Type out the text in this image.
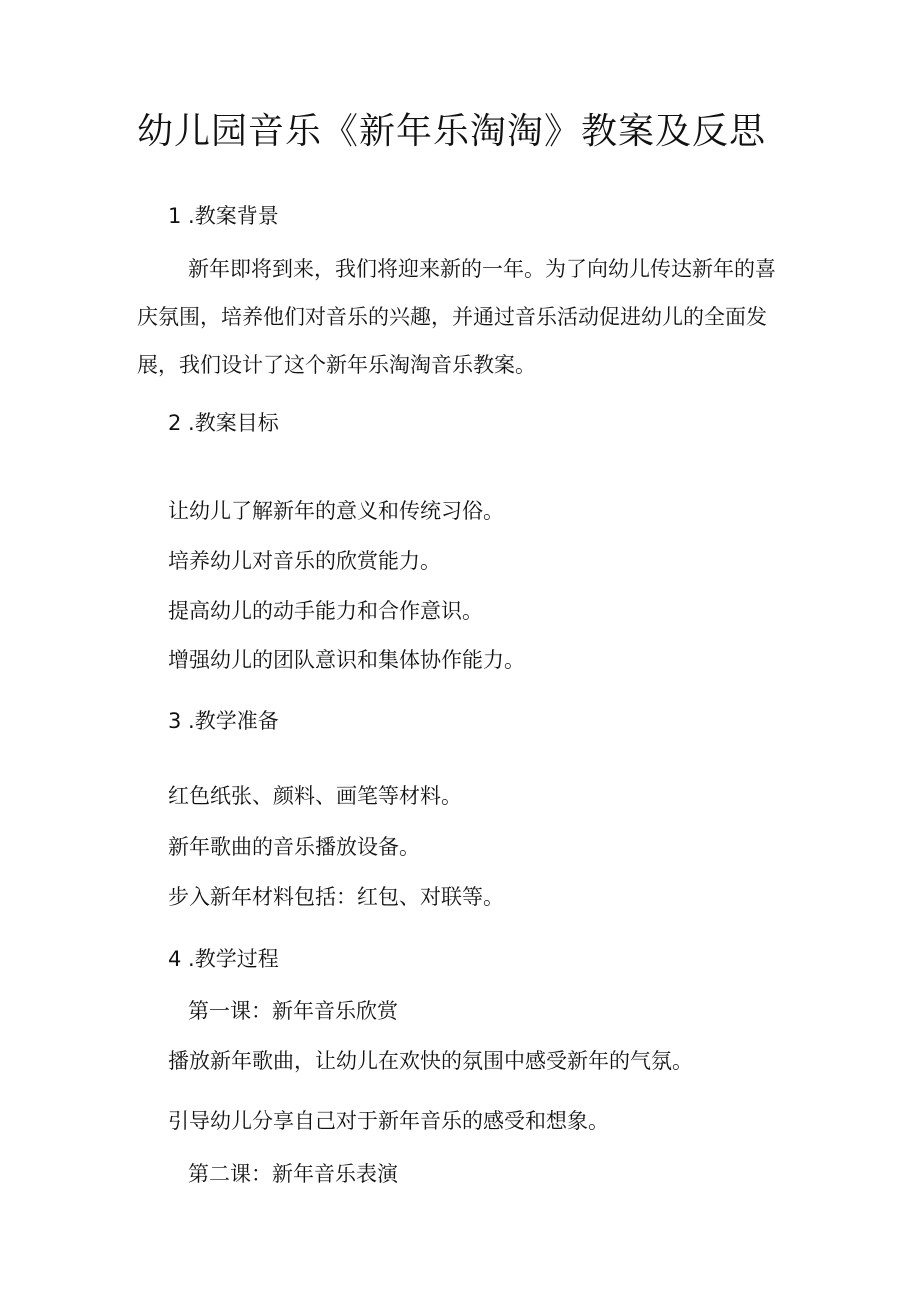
幼儿园音乐《新年乐淘淘》教案及反思
1 .教案背景
新年即将到来，我们将迎来新的一年。为了向幼儿传达新年的喜
庆氛围，培养他们对音乐的兴趣，并通过音乐活动促进幼儿的全面发
展，我们设计了这个新年乐淘淘音乐教案。
2 .教案目标
让幼儿了解新年的意义和传统习俗。
培养幼儿对音乐的欣赏能力。
提高幼儿的动手能力和合作意识。
增强幼儿的团队意识和集体协作能力。
3 .教学准备
红色纸张、颜料、画笔等材料。
新年歌曲的音乐播放设备。
步入新年材料包括：红包、对联等。
4 .教学过程
第一课：新年音乐欣赏
播放新年歌曲，让幼儿在欢快的氛围中感受新年的气氛。
引导幼儿分享自己对于新年音乐的感受和想象。
第二课：新年音乐表演
